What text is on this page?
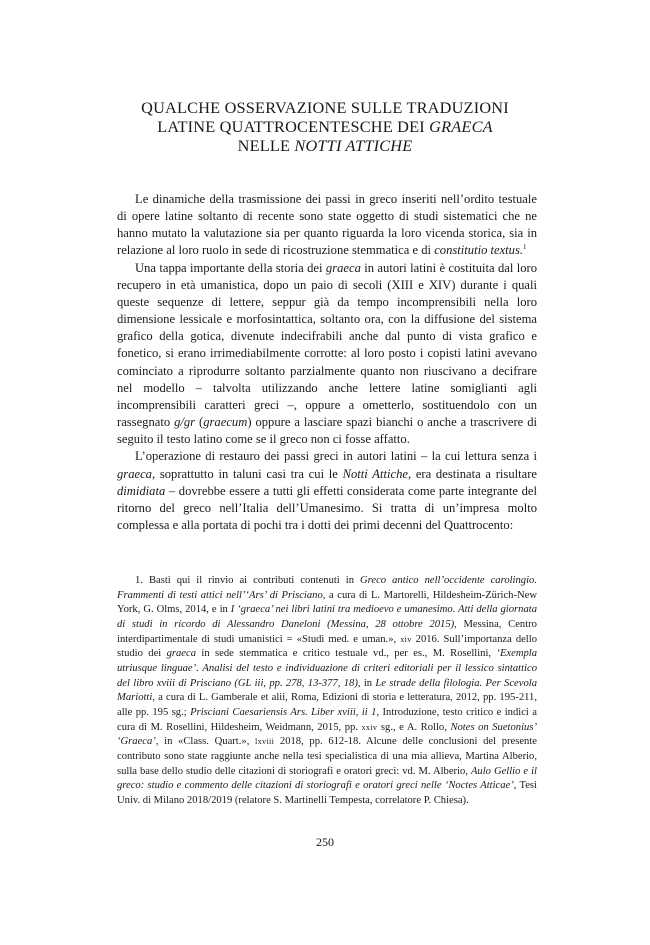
QUALCHE OSSERVAZIONE SULLE TRADUZIONI
LATINE QUATTROCENTESCHE DEI GRAECA
NELLE NOTTI ATTICHE

Le dinamiche della trasmissione dei passi in greco inseriti nell’ordito testuale di opere latine soltanto di recente sono state oggetto di studi sistematici che ne hanno mutato la valutazione sia per quanto riguarda la loro vicenda storica, sia in relazione al loro ruolo in sede di ricostruzione stemmatica e di constitutio textus.$^1$

Una tappa importante della storia dei graeca in autori latini è costituita dal loro recupero in età umanistica, dopo un paio di secoli (XIII e XIV) durante i quali queste sequenze di lettere, seppur già da tempo incomprensibili nella loro dimensione lessicale e morfosintattica, soltanto ora, con la diffusione del sistema grafico della gotica, divenute indecifrabili anche dal punto di vista grafico e fonetico, si erano irrimediabilmente corrotte: al loro posto i copisti latini avevano cominciato a riprodurre soltanto parzialmente quanto non riuscivano a decifrare nel modello – talvolta utilizzando anche lettere latine somiglianti agli incomprensibili caratteri greci –, oppure a ometterlo, sostituendolo con un rassegnato g/gr (graecum) oppure a lasciare spazi bianchi o anche a trascrivere di seguito il testo latino come se il greco non ci fosse affatto.

L’operazione di restauro dei passi greci in autori latini – la cui lettura senza i graeca, soprattutto in taluni casi tra cui le Notti Attiche, era destinata a risultare dimidiata – dovrebbe essere a tutti gli effetti considerata come parte integrante del ritorno del greco nell’Italia dell’Umanesimo. Si tratta di un’impresa molto complessa e alla portata di pochi tra i dotti dei primi decenni del Quattrocento:

1. Basti qui il rinvio ai contributi contenuti in Greco antico nell’occidente carolingio. Frammenti di testi attici nell’‘Ars’ di Prisciano, a cura di L. Martorelli, Hildesheim-Zürich-New York, G. Olms, 2014, e in I ‘graeca’ nei libri latini tra medioevo e umanesimo. Atti della giornata di studi in ricordo di Alessandro Daneloni (Messina, 28 ottobre 2015), Messina, Centro interdipartimentale di studi umanistici = «Studi med. e uman.», xiv 2016. Sull’importanza dello studio dei graeca in sede stemmatica e critico testuale vd., per es., M. Rosellini, ‘Exempla utriusque linguae’. Analisi del testo e individuazione di criteri editoriali per il lessico sintattico del libro xviii di Prisciano (GL iii, pp. 278, 13-377, 18), in Le strade della filologia. Per Scevola Mariotti, a cura di L. Gamberale et alii, Roma, Edizioni di storia e letteratura, 2012, pp. 195-211, alle pp. 195 sg.; Prisciani Caesariensis Ars. Liber xviii, ii 1, Introduzione, testo critico e indici a cura di M. Rosellini, Hildesheim, Weidmann, 2015, pp. xxiv sg., e A. Rollo, Notes on Suetonius’ ‘Graeca’, in «Class. Quart.», lxviii 2018, pp. 612-18. Alcune delle conclusioni del presente contributo sono state raggiunte anche nella tesi specialistica di una mia allieva, Martina Alberio, sulla base dello studio delle citazioni di storiografi e oratori greci: vd. M. Alberio, Aulo Gellio e il greco: studio e commento delle citazioni di storiografi e oratori greci nelle ‘Noctes Atticae’, Tesi Univ. di Milano 2018/2019 (relatore S. Martinelli Tempesta, correlatore P. Chiesa).

250
